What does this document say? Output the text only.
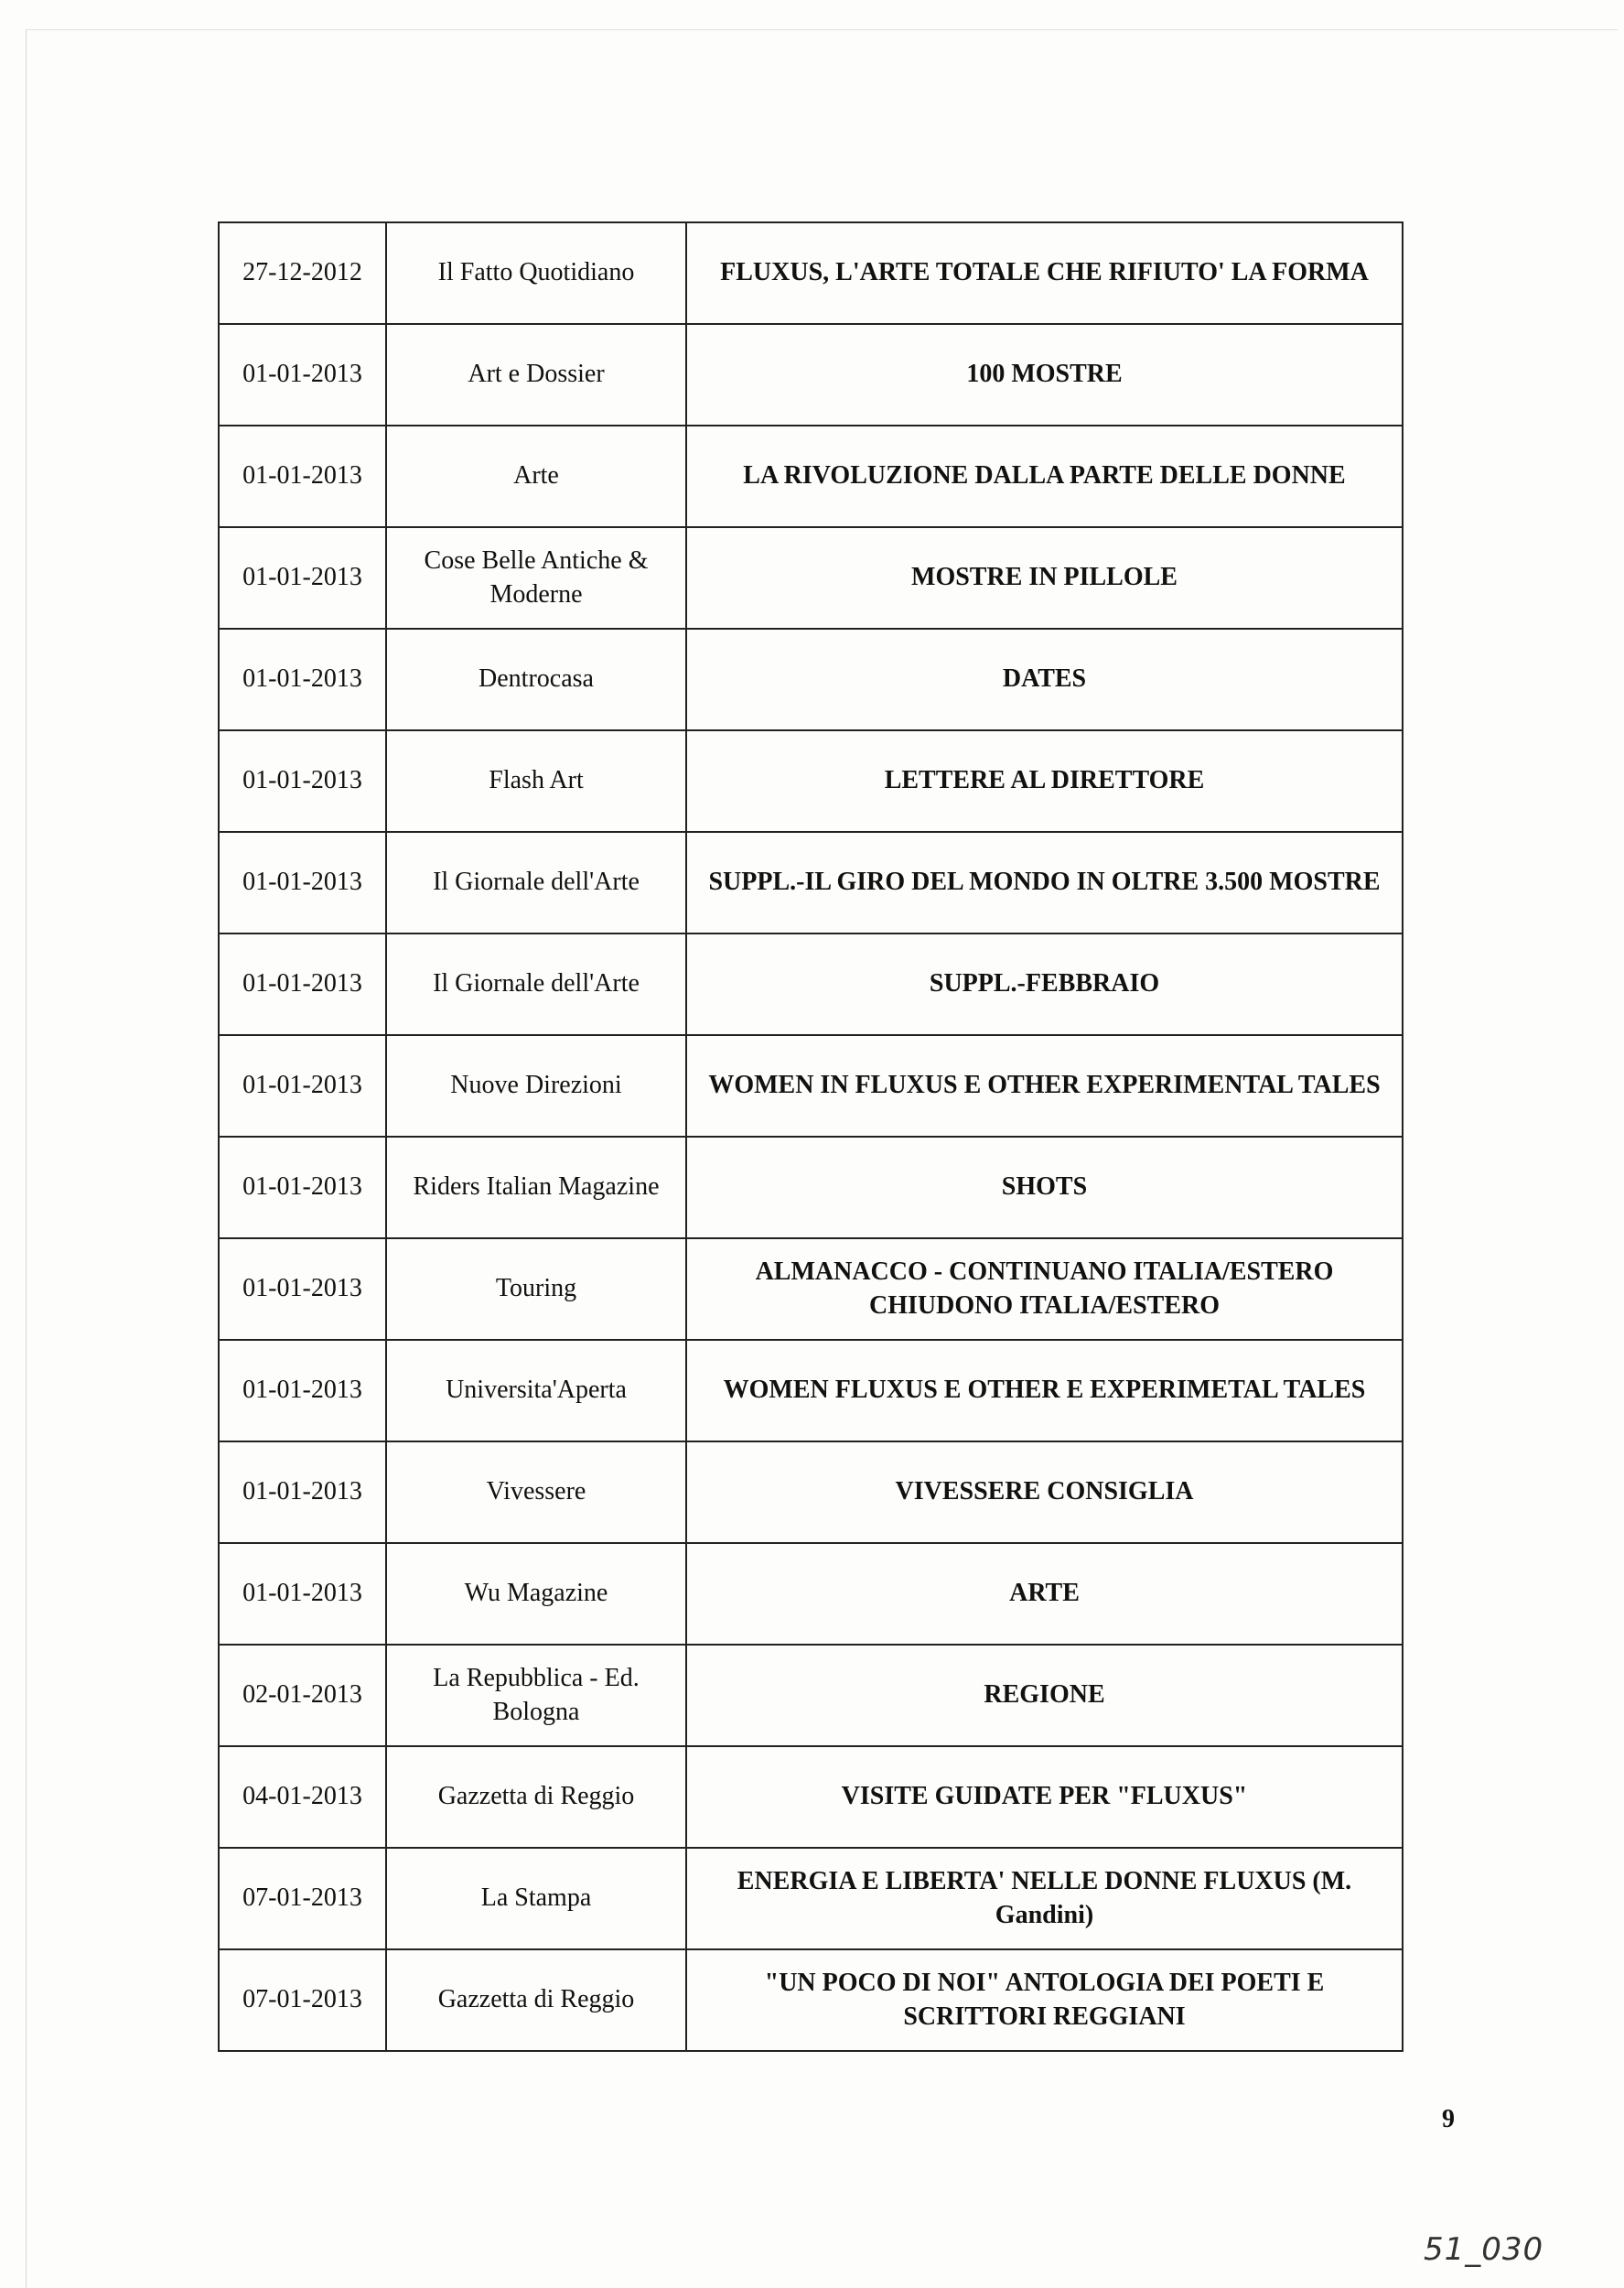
27-12-2012	Il Fatto Quotidiano	FLUXUS, L'ARTE TOTALE CHE RIFIUTO' LA FORMA
01-01-2013	Art e Dossier	100 MOSTRE
01-01-2013	Arte	LA RIVOLUZIONE DALLA PARTE DELLE DONNE
01-01-2013	Cose Belle Antiche & Moderne	MOSTRE IN PILLOLE
01-01-2013	Dentrocasa	DATES
01-01-2013	Flash Art	LETTERE AL DIRETTORE
01-01-2013	Il Giornale dell'Arte	SUPPL.-IL GIRO DEL MONDO IN OLTRE 3.500 MOSTRE
01-01-2013	Il Giornale dell'Arte	SUPPL.-FEBBRAIO
01-01-2013	Nuove Direzioni	WOMEN IN FLUXUS E OTHER EXPERIMENTAL TALES
01-01-2013	Riders Italian Magazine	SHOTS
01-01-2013	Touring	ALMANACCO - CONTINUANO ITALIA/ESTERO CHIUDONO ITALIA/ESTERO
01-01-2013	Universita'Aperta	WOMEN FLUXUS E OTHER E EXPERIMETAL TALES
01-01-2013	Vivessere	VIVESSERE CONSIGLIA
01-01-2013	Wu Magazine	ARTE
02-01-2013	La Repubblica - Ed. Bologna	REGIONE
04-01-2013	Gazzetta di Reggio	VISITE GUIDATE PER "FLUXUS"
07-01-2013	La Stampa	ENERGIA E LIBERTA' NELLE DONNE FLUXUS (M. Gandini)
07-01-2013	Gazzetta di Reggio	"UN POCO DI NOI" ANTOLOGIA DEI POETI E SCRITTORI REGGIANI
9
51_030
